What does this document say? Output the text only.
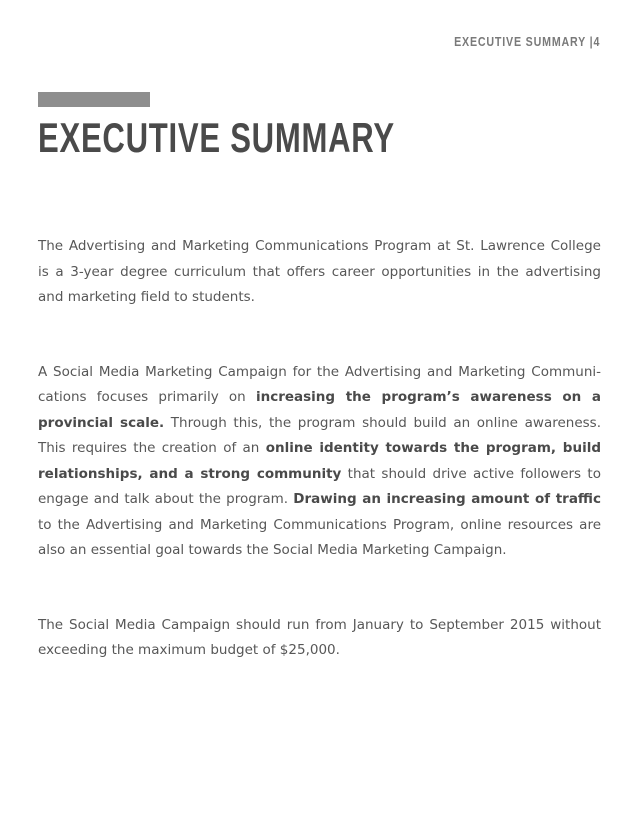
EXECUTIVE SUMMARY |4
EXECUTIVE SUMMARY

The Advertising and Marketing Communications Program at St. Lawrence College is a 3-year degree curriculum that offers career opportunities in the advertising and marketing field to students.

A Social Media Marketing Campaign for the Advertising and Marketing Communications focuses primarily on increasing the program’s awareness on a provincial scale. Through this, the program should build an online awareness. This requires the creation of an online identity towards the program, build relationships, and a strong community that should drive active followers to engage and talk about the program. Drawing an increasing amount of traffic to the Advertising and Marketing Communications Program, online resources are also an essential goal towards the Social Media Marketing Campaign.

The Social Media Campaign should run from January to September 2015 without exceeding the maximum budget of $25,000.
